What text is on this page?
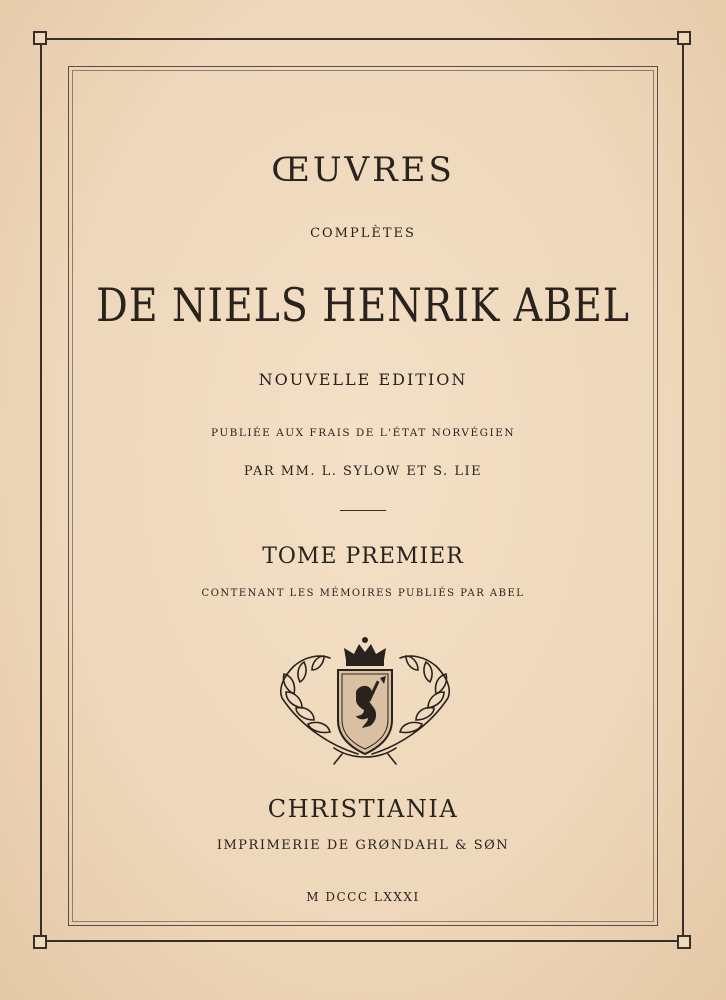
ŒUVRES
COMPLÈTES
DE NIELS HENRIK ABEL
NOUVELLE EDITION
PUBLIÉE AUX FRAIS DE L'ÉTAT NORVÉGIEN
PAR MM. L. SYLOW ET S. LIE
TOME PREMIER
CONTENANT LES MÉMOIRES PUBLIÉS PAR ABEL
CHRISTIANIA
IMPRIMERIE DE GRØNDAHL & SØN
M DCCC LXXXI
